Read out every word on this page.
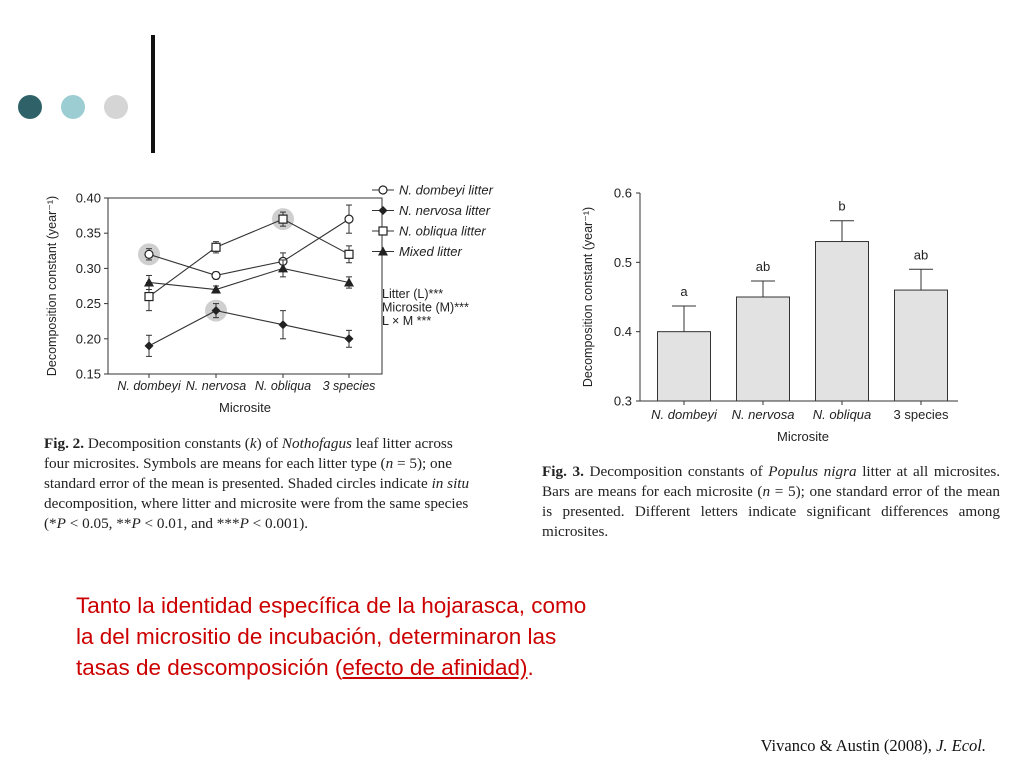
0.40
0.35
0.30
0.25
0.20
0.15
N. dombeyi N. nervosa N. obliqua 3 species
Microsite
Decomposition constant (year⁻¹)
N. dombeyi litter
N. nervosa litter
N. obliqua litter
Mixed litter
Litter (L)***
Microsite (M)***
L × M ***
0.6
0.5
0.4
0.3
a
N. dombeyi
ab
N. nervosa
b
N. obliqua
ab
3 species
Microsite
Decomposition constant (year⁻¹)

Fig. 2. Decomposition constants (k) of Nothofagus leaf litter across

four microsites. Symbols are means for each litter type (n = 5); one

standard error of the mean is presented. Shaded circles indicate in situ

decomposition, where litter and microsite were from the same species

(*P < 0.05, **P < 0.01, and ***P < 0.001).

Fig. 3. Decomposition constants of Populus nigra litter at all microsites. Bars are means for each microsite (n = 5); one standard error of the mean is presented. Different letters indicate significant differences among microsites.

Tanto la identidad específica de la hojarasca, como

la del micrositio de incubación, determinaron las

tasas de descomposición (efecto de afinidad).

Vivanco & Austin (2008), J. Ecol.
